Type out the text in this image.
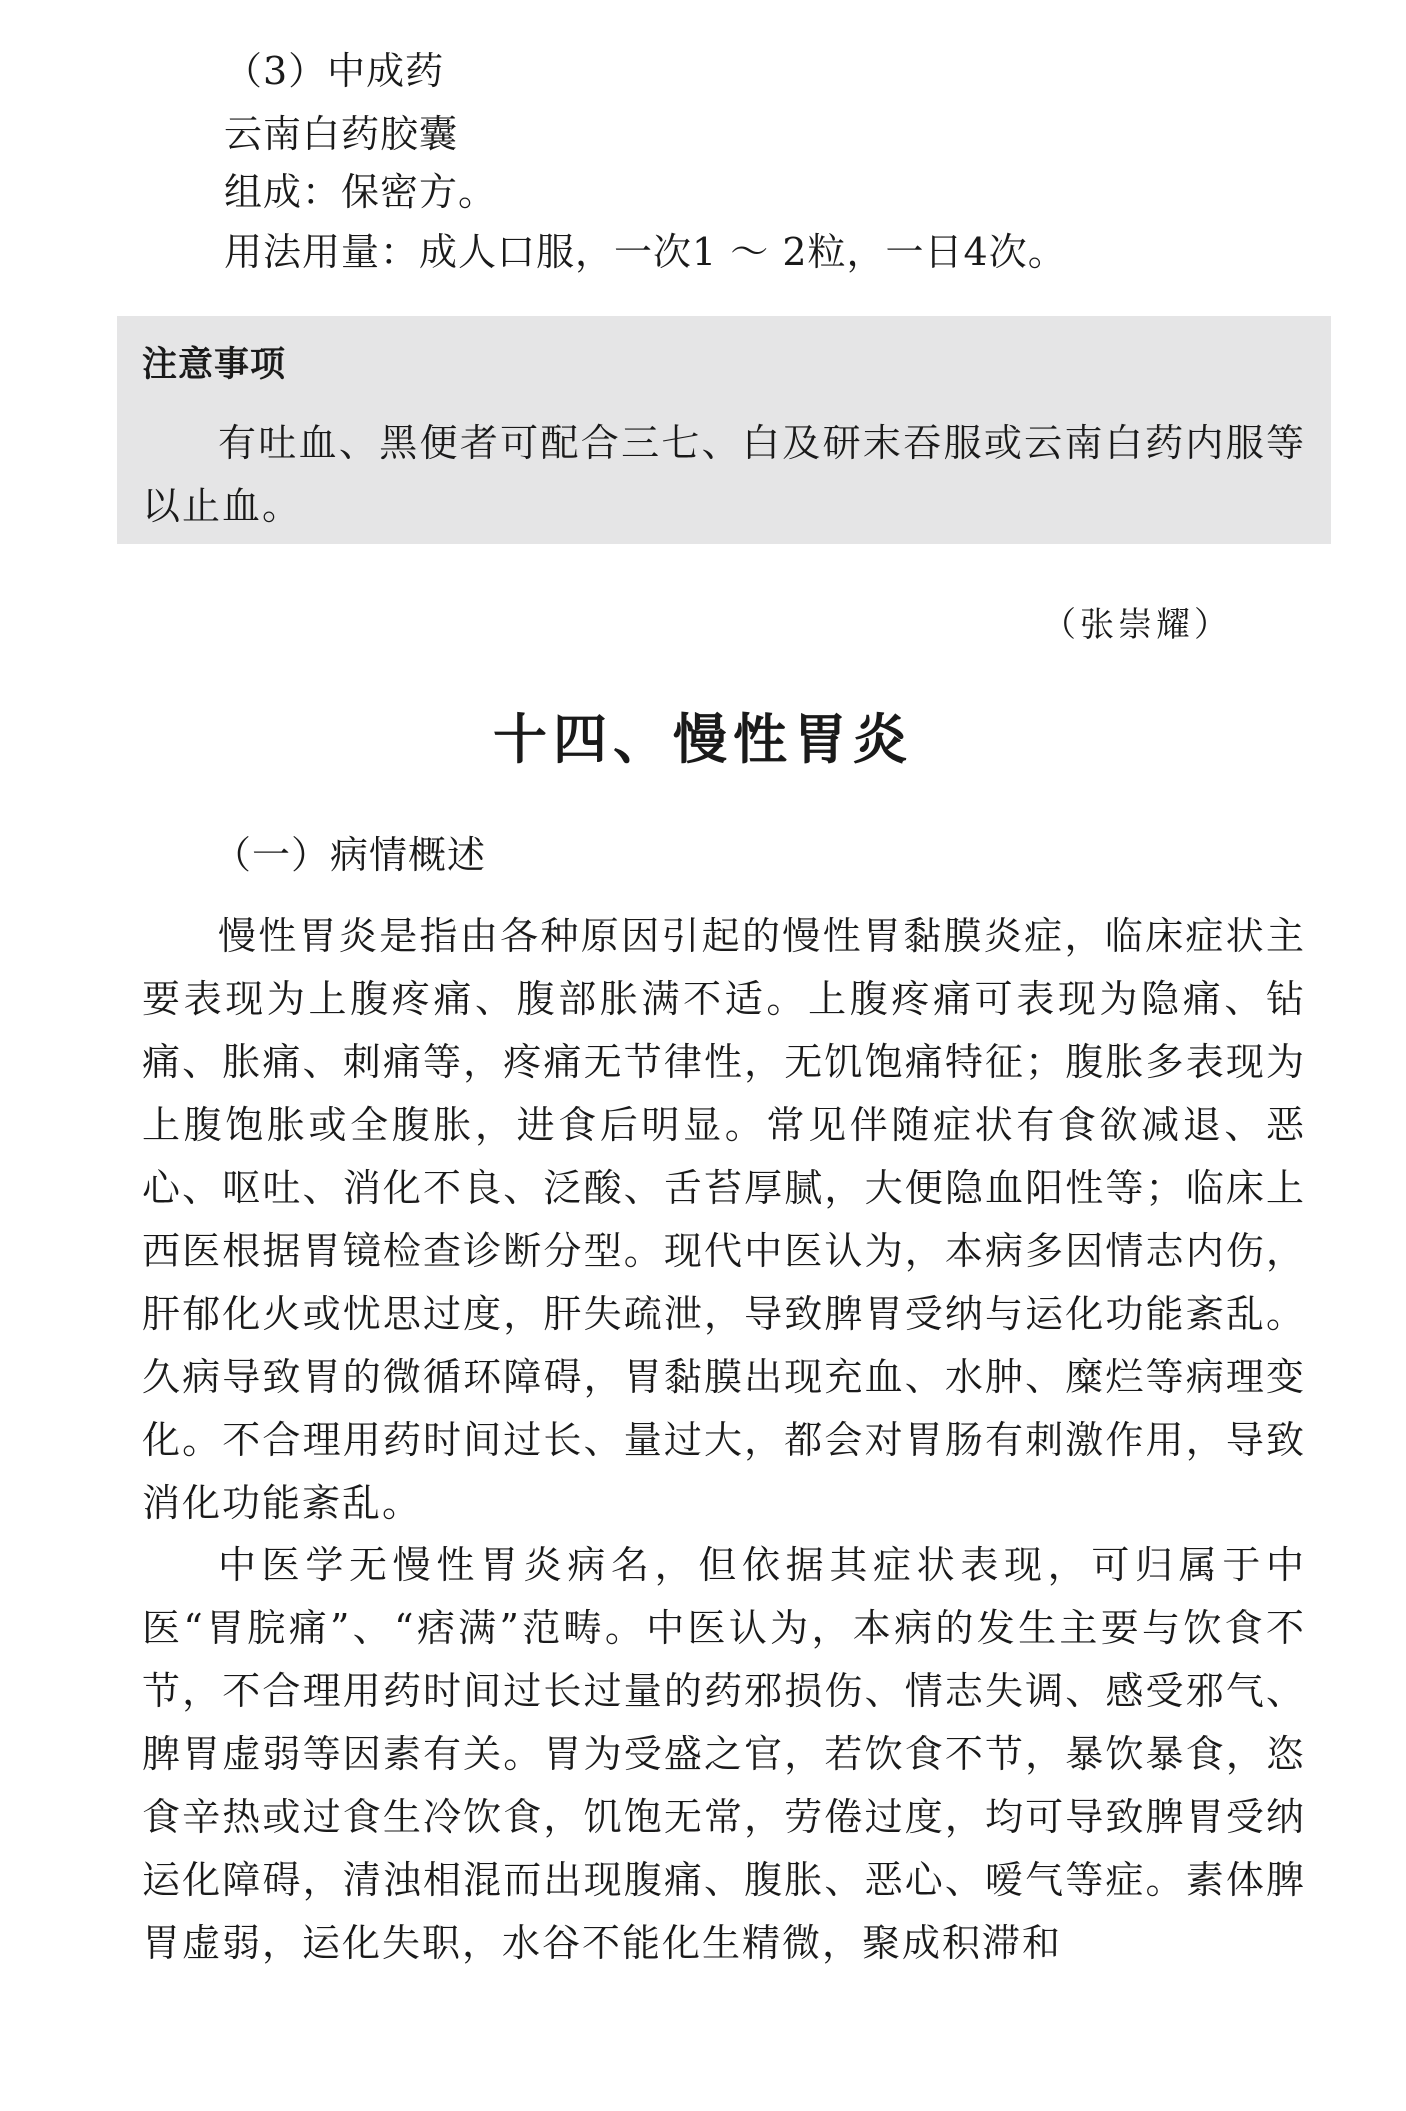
（3）中成药
云南白药胶囊
组成：保密方。
用法用量：成人口服，一次1 ～ 2粒，一日4次。
注意事项
有吐血、黑便者可配合三七、白及研末吞服或云南白药内服等以止血。
（张崇耀）
十四、慢性胃炎
（一）病情概述
慢性胃炎是指由各种原因引起的慢性胃黏膜炎症，临床症状主要表现为上腹疼痛、腹部胀满不适。上腹疼痛可表现为隐痛、钻痛、胀痛、刺痛等，疼痛无节律性，无饥饱痛特征；腹胀多表现为上腹饱胀或全腹胀，进食后明显。常见伴随症状有食欲减退、恶心、呕吐、消化不良、泛酸、舌苔厚腻，大便隐血阳性等；临床上西医根据胃镜检查诊断分型。现代中医认为，本病多因情志内伤，肝郁化火或忧思过度，肝失疏泄，导致脾胃受纳与运化功能紊乱。久病导致胃的微循环障碍，胃黏膜出现充血、水肿、糜烂等病理变化。不合理用药时间过长、量过大，都会对胃肠有刺激作用，导致消化功能紊乱。
中医学无慢性胃炎病名，但依据其症状表现，可归属于中医“胃脘痛”、“痞满”范畴。中医认为，本病的发生主要与饮食不节，不合理用药时间过长过量的药邪损伤、情志失调、感受邪气、脾胃虚弱等因素有关。胃为受盛之官，若饮食不节，暴饮暴食，恣食辛热或过食生冷饮食，饥饱无常，劳倦过度，均可导致脾胃受纳运化障碍，清浊相混而出现腹痛、腹胀、恶心、嗳气等症。素体脾胃虚弱，运化失职，水谷不能化生精微，聚成积滞和
